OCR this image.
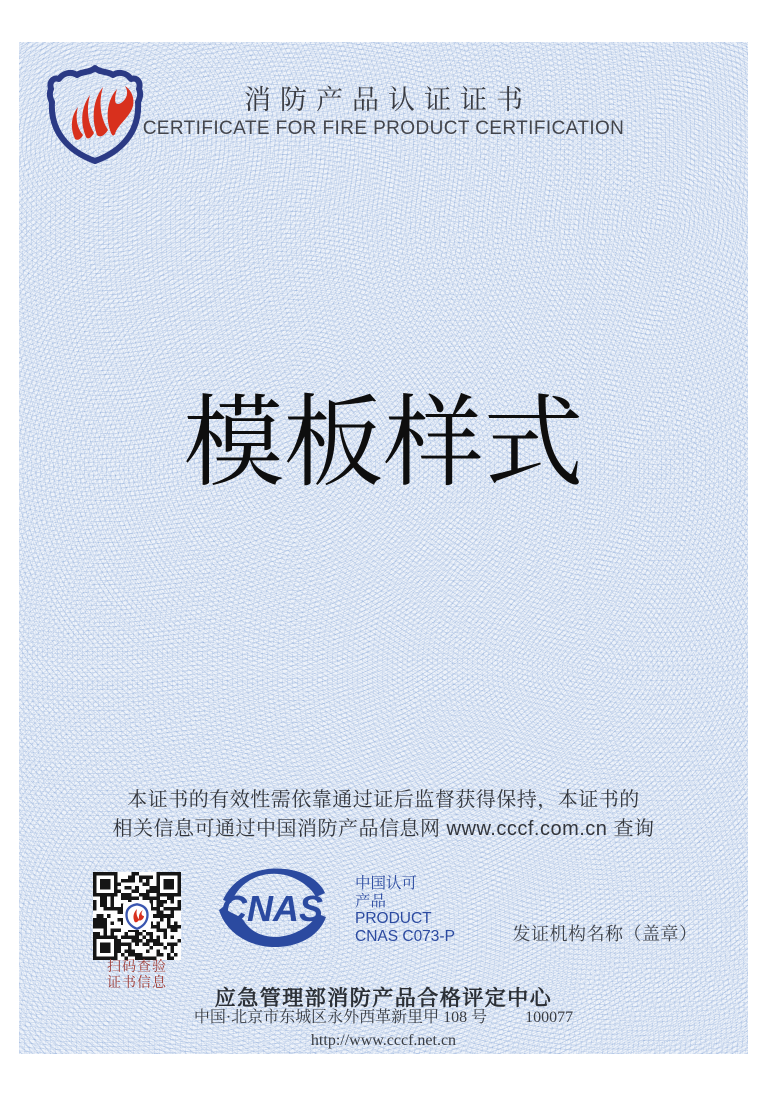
消防产品认证证书
CERTIFICATE FOR FIRE PRODUCT CERTIFICATION
模板样式
本证书的有效性需依靠通过证后监督获得保持，本证书的
相关信息可通过中国消防产品信息网 www.cccf.com.cn 查询
扫码查验
证书信息
CNAS
中国认可
产品
PRODUCT
CNAS C073-P	发证机构名称（盖章）
应急管理部消防产品合格评定中心
中国·北京市东城区永外西革新里甲 108 号 100077
http://www.cccf.net.cn
